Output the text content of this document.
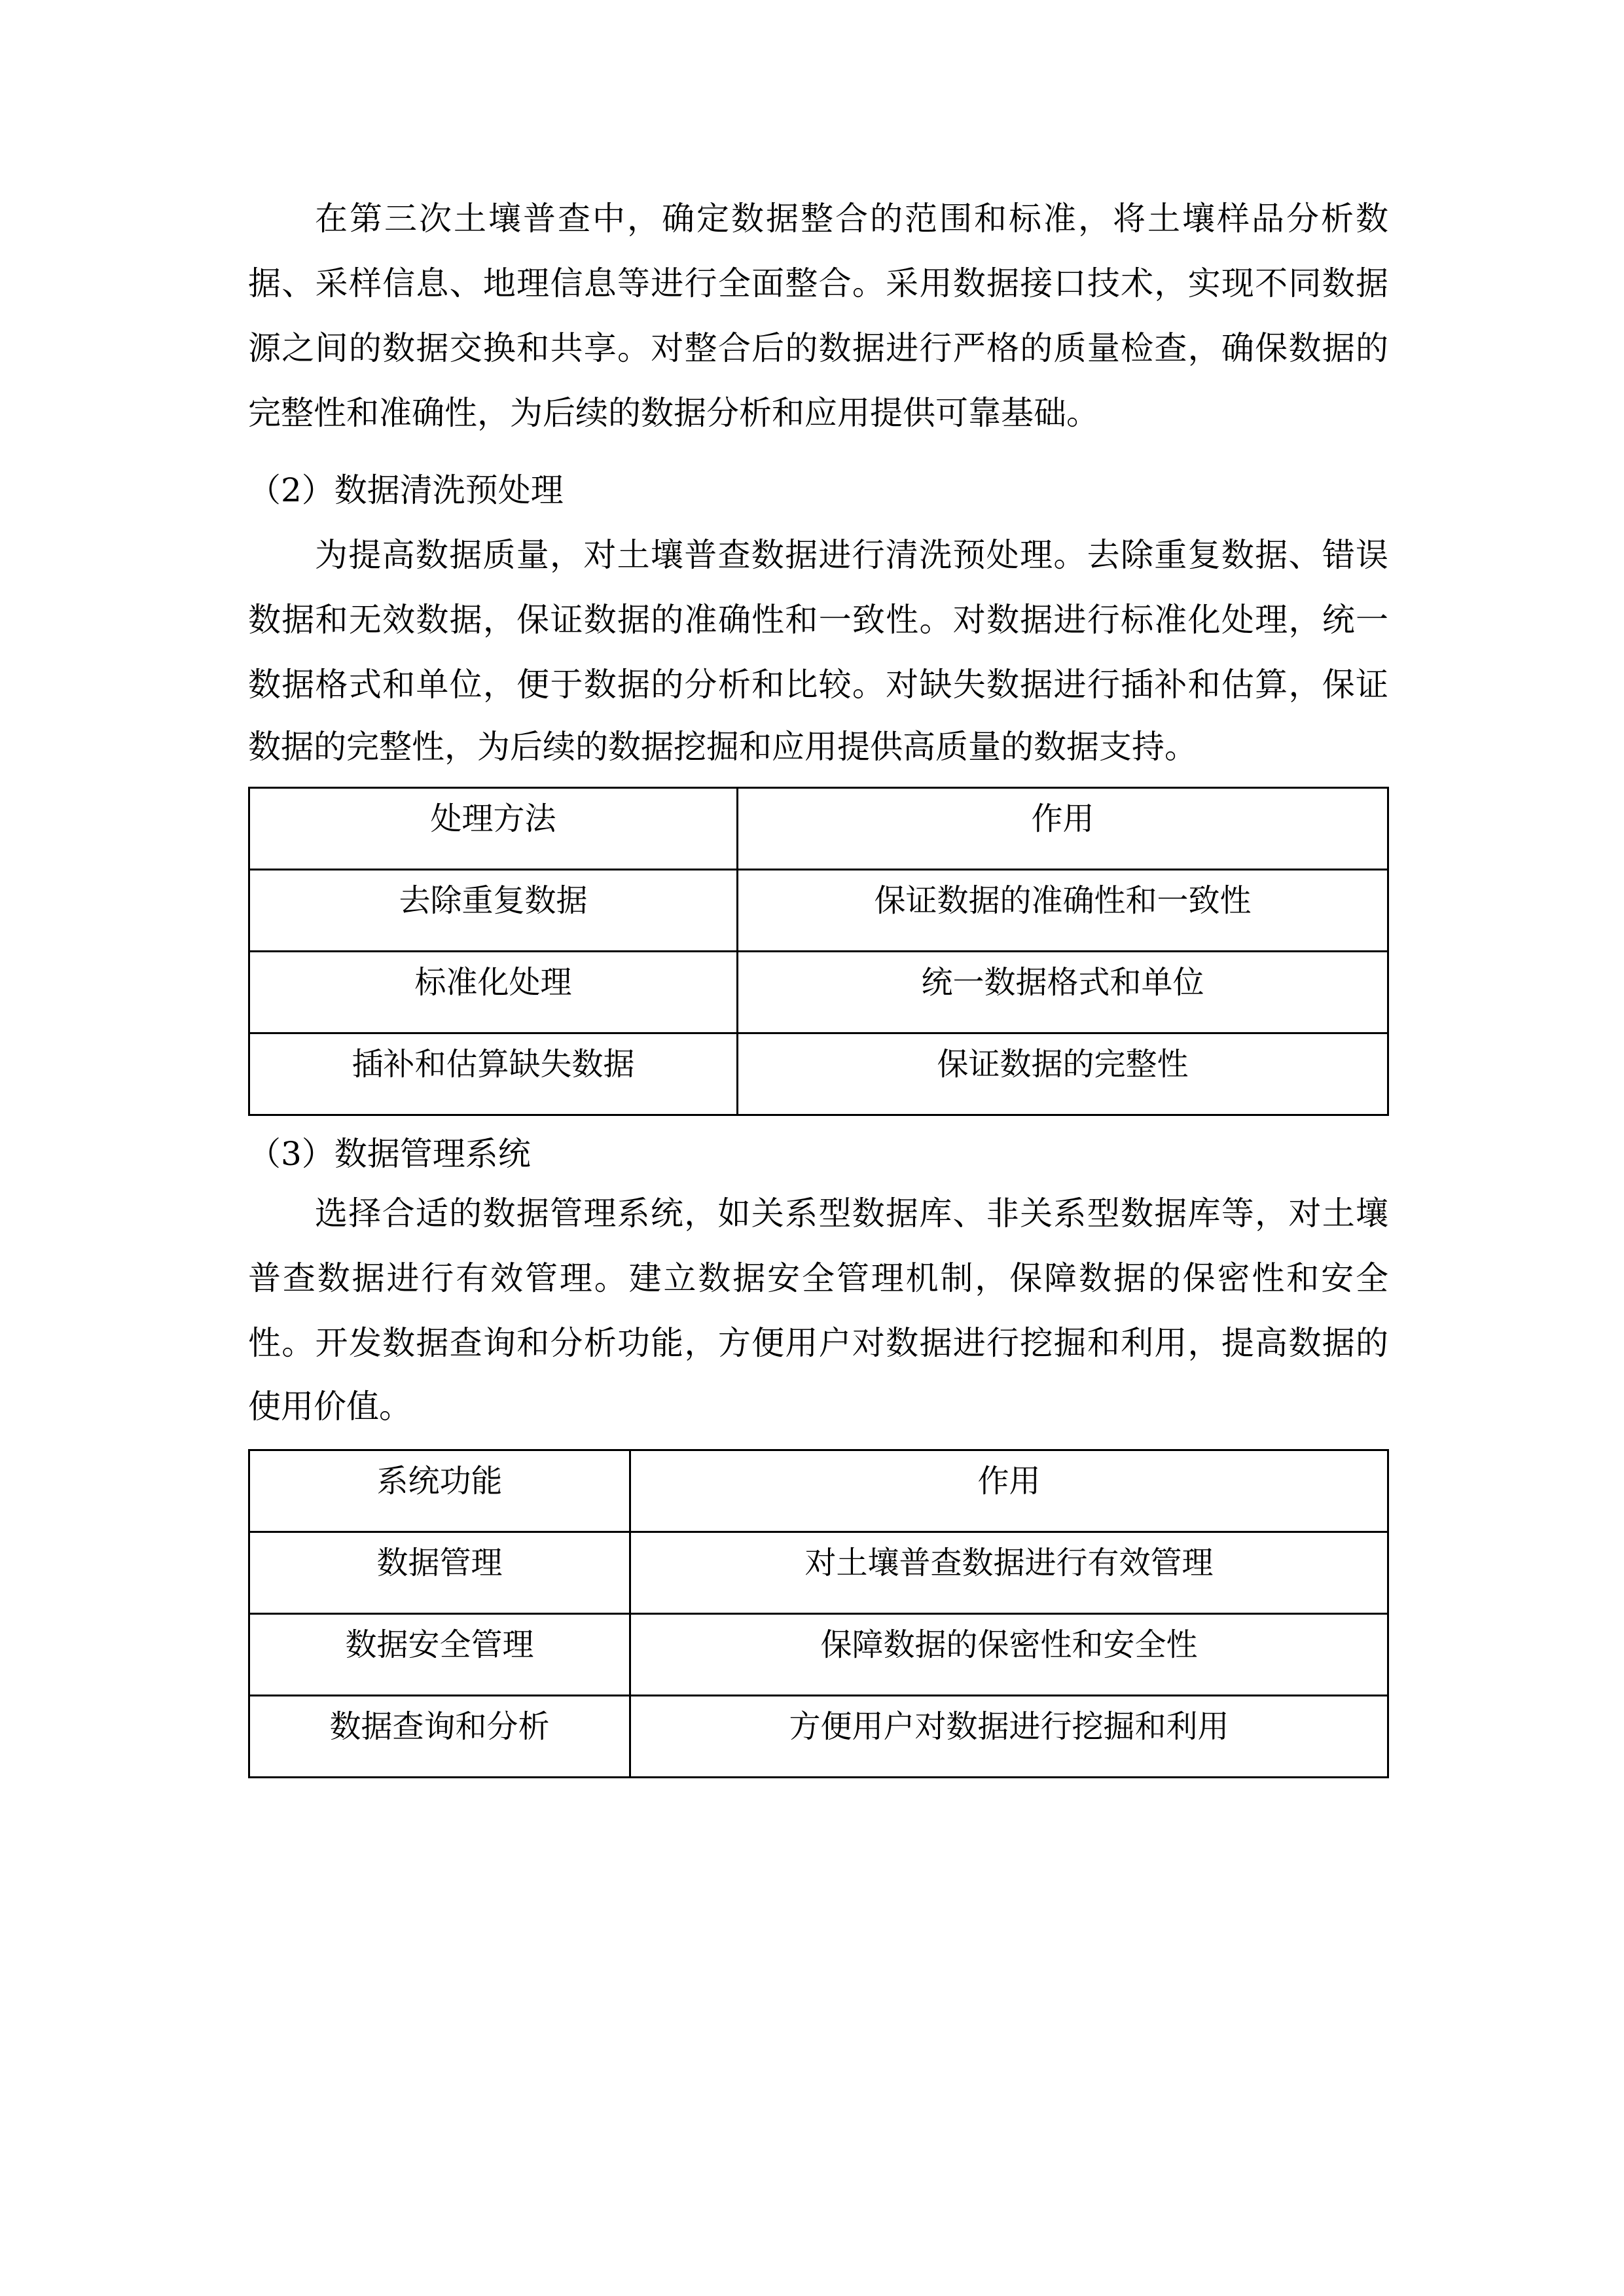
在第三次土壤普查中，确定数据整合的范围和标准，将土壤样品分析数
据、采样信息、地理信息等进行全面整合。采用数据接口技术，实现不同数据
源之间的数据交换和共享。对整合后的数据进行严格的质量检查，确保数据的
完整性和准确性，为后续的数据分析和应用提供可靠基础。
（2）数据清洗预处理
为提高数据质量，对土壤普查数据进行清洗预处理。去除重复数据、错误
数据和无效数据，保证数据的准确性和一致性。对数据进行标准化处理，统一
数据格式和单位，便于数据的分析和比较。对缺失数据进行插补和估算，保证
数据的完整性，为后续的数据挖掘和应用提供高质量的数据支持。
处理方法	作用
去除重复数据	保证数据的准确性和一致性
标准化处理	统一数据格式和单位
插补和估算缺失数据	保证数据的完整性
（3）数据管理系统
选择合适的数据管理系统，如关系型数据库、非关系型数据库等，对土壤
普查数据进行有效管理。建立数据安全管理机制，保障数据的保密性和安全
性。开发数据查询和分析功能，方便用户对数据进行挖掘和利用，提高数据的
使用价值。
系统功能	作用
数据管理	对土壤普查数据进行有效管理
数据安全管理	保障数据的保密性和安全性
数据查询和分析	方便用户对数据进行挖掘和利用
